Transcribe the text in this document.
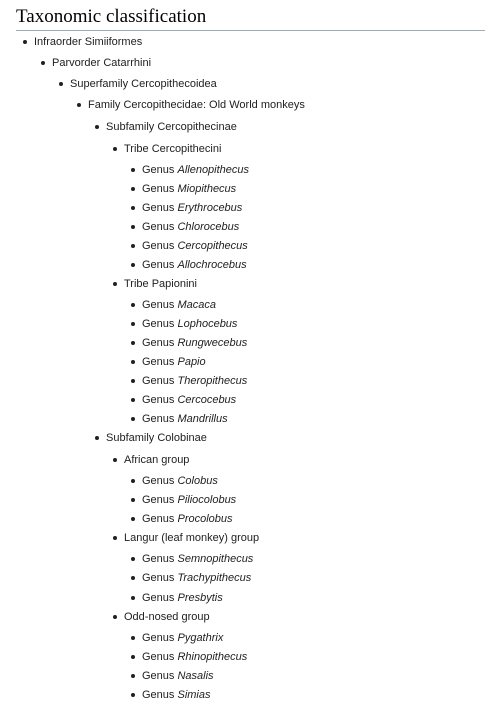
Taxonomic classification
Infraorder Simiiformes
Parvorder Catarrhini
Superfamily Cercopithecoidea
Family Cercopithecidae: Old World monkeys
Subfamily Cercopithecinae
Tribe Cercopithecini
Genus Allenopithecus
Genus Miopithecus
Genus Erythrocebus
Genus Chlorocebus
Genus Cercopithecus
Genus Allochrocebus
Tribe Papionini
Genus Macaca
Genus Lophocebus
Genus Rungwecebus
Genus Papio
Genus Theropithecus
Genus Cercocebus
Genus Mandrillus
Subfamily Colobinae
African group
Genus Colobus
Genus Piliocolobus
Genus Procolobus
Langur (leaf monkey) group
Genus Semnopithecus
Genus Trachypithecus
Genus Presbytis
Odd-nosed group
Genus Pygathrix
Genus Rhinopithecus
Genus Nasalis
Genus Simias
